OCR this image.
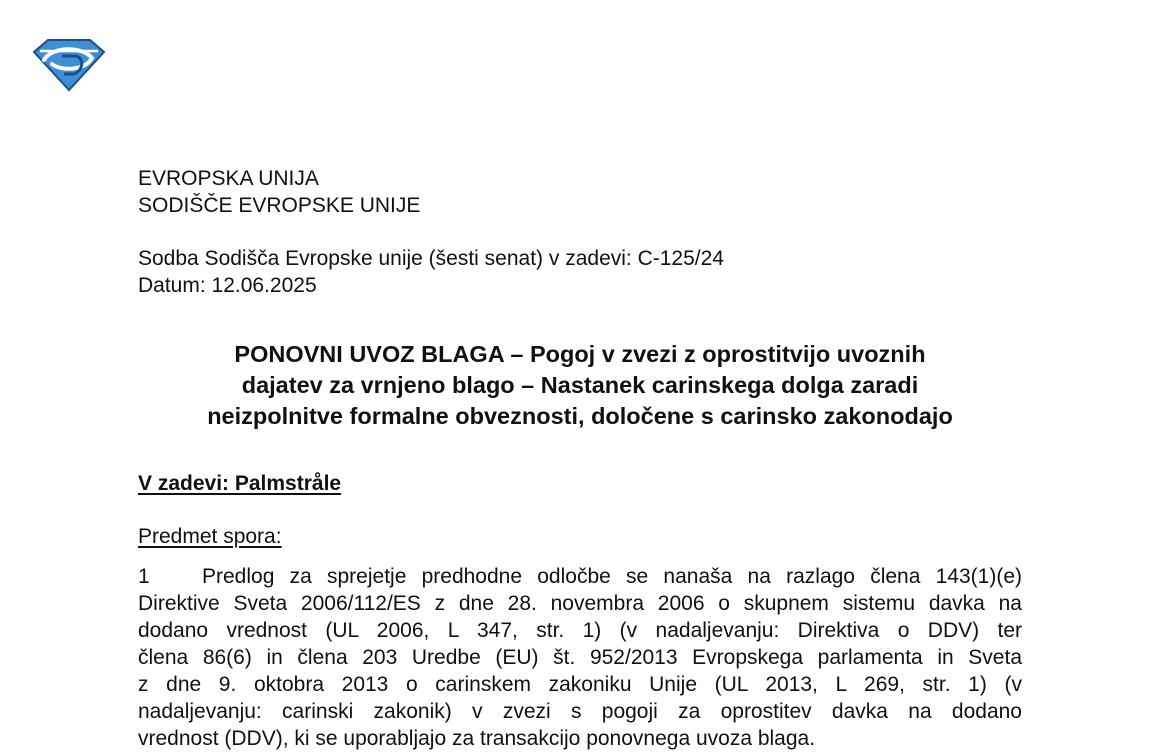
EVROPSKA UNIJA
SODIŠČE EVROPSKE UNIJE
Sodba Sodišča Evropske unije (šesti senat) v zadevi: C-125/24
Datum: 12.06.2025
PONOVNI UVOZ BLAGA – Pogoj v zvezi z oprostitvijo uvoznih
dajatev za vrnjeno blago – Nastanek carinskega dolga zaradi
neizpolnitve formalne obveznosti, določene s carinsko zakonodajo
V zadevi: Palmstråle
Predmet spora:
1 Predlog za sprejetje predhodne odločbe se nanaša na razlago člena 143(1)(e)
Direktive Sveta 2006/112/ES z dne 28. novembra 2006 o skupnem sistemu davka na
dodano vrednost (UL 2006, L 347, str. 1) (v nadaljevanju: Direktiva o DDV) ter
člena 86(6) in člena 203 Uredbe (EU) št. 952/2013 Evropskega parlamenta in Sveta
z dne 9. oktobra 2013 o carinskem zakoniku Unije (UL 2013, L 269, str. 1) (v
nadaljevanju: carinski zakonik) v zvezi s pogoji za oprostitev davka na dodano
vrednost (DDV), ki se uporabljajo za transakcijo ponovnega uvoza blaga.
